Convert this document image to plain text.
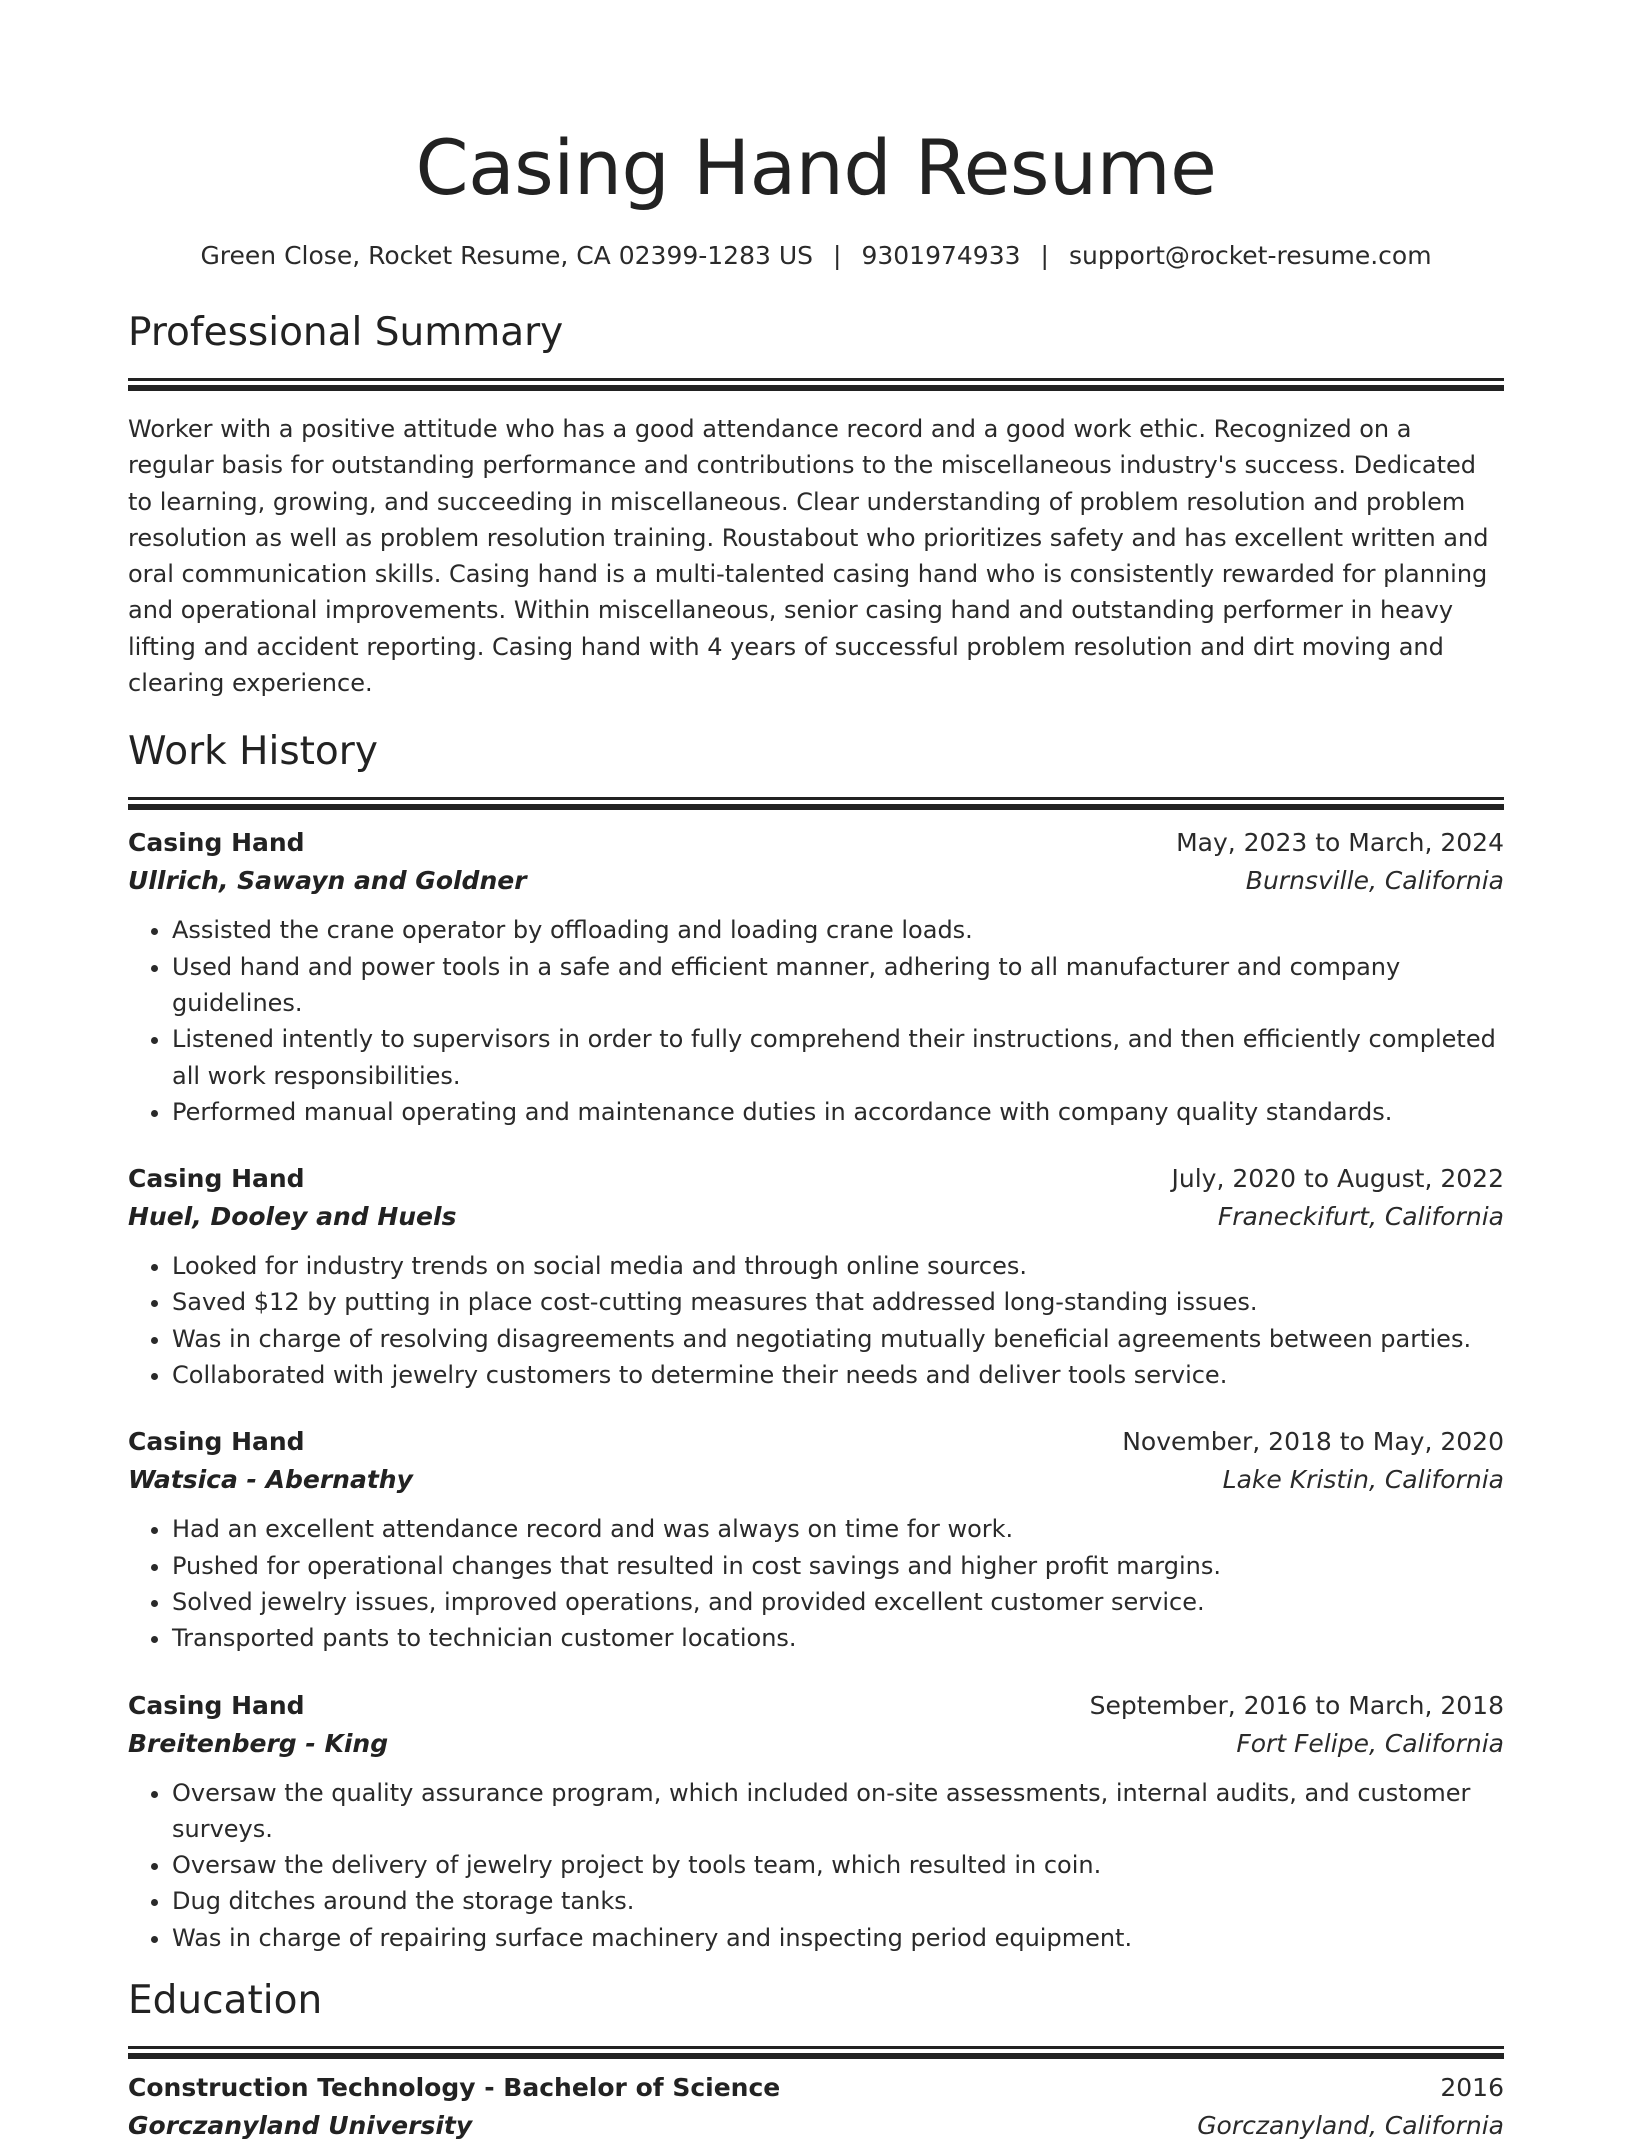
Casing Hand Resume
Green Close, Rocket Resume, CA 02399-1283 US | 9301974933 | support@rocket-resume.com
Professional Summary
Worker with a positive attitude who has a good attendance record and a good work ethic. Recognized on a regular basis for outstanding performance and contributions to the miscellaneous industry's success. Dedicated to learning, growing, and succeeding in miscellaneous. Clear understanding of problem resolution and problem resolution as well as problem resolution training. Roustabout who prioritizes safety and has excellent written and oral communication skills. Casing hand is a multi-talented casing hand who is consistently rewarded for planning and operational improvements. Within miscellaneous, senior casing hand and outstanding performer in heavy lifting and accident reporting. Casing hand with 4 years of successful problem resolution and dirt moving and clearing experience.
Work History
Casing Hand	May, 2023 to March, 2024
Ullrich, Sawayn and Goldner	Burnsville, California
• Assisted the crane operator by offloading and loading crane loads.
• Used hand and power tools in a safe and efficient manner, adhering to all manufacturer and company guidelines.
• Listened intently to supervisors in order to fully comprehend their instructions, and then efficiently completed all work responsibilities.
• Performed manual operating and maintenance duties in accordance with company quality standards.
Casing Hand	July, 2020 to August, 2022
Huel, Dooley and Huels	Franeckifurt, California
• Looked for industry trends on social media and through online sources.
• Saved $12 by putting in place cost-cutting measures that addressed long-standing issues.
• Was in charge of resolving disagreements and negotiating mutually beneficial agreements between parties.
• Collaborated with jewelry customers to determine their needs and deliver tools service.
Casing Hand	November, 2018 to May, 2020
Watsica - Abernathy	Lake Kristin, California
• Had an excellent attendance record and was always on time for work.
• Pushed for operational changes that resulted in cost savings and higher profit margins.
• Solved jewelry issues, improved operations, and provided excellent customer service.
• Transported pants to technician customer locations.
Casing Hand	September, 2016 to March, 2018
Breitenberg - King	Fort Felipe, California
• Oversaw the quality assurance program, which included on-site assessments, internal audits, and customer surveys.
• Oversaw the delivery of jewelry project by tools team, which resulted in coin.
• Dug ditches around the storage tanks.
• Was in charge of repairing surface machinery and inspecting period equipment.
Education
Construction Technology - Bachelor of Science	2016
Gorczanyland University	Gorczanyland, California
